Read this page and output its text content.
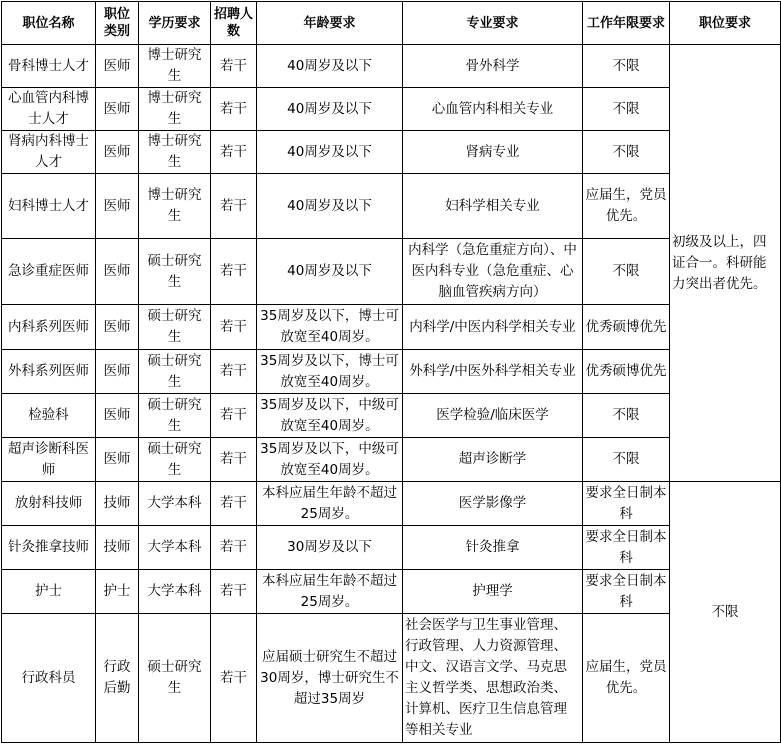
职位名称	职位类别	学历要求	招聘人数	年龄要求	专业要求	工作年限要求	职位要求
骨科博士人才	医师	博士研究生	若干	40周岁及以下	骨外科学	不限	初级及以上，四证合一。科研能力突出者优先。
心血管内科博士人才	医师	博士研究生	若干	40周岁及以下	心血管内科相关专业	不限	
肾病内科博士人才	医师	博士研究生	若干	40周岁及以下	肾病专业	不限	
妇科博士人才	医师	博士研究生	若干	40周岁及以下	妇科学相关专业	应届生，党员优先。	
急诊重症医师	医师	硕士研究生	若干	40周岁及以下	内科学（急危重症方向）、中医内科专业（急危重症、心脑血管疾病方向）	不限	
内科系列医师	医师	硕士研究生	若干	35周岁及以下，博士可放宽至40周岁。	内科学/中医内科学相关专业	优秀硕博优先	
外科系列医师	医师	硕士研究生	若干	35周岁及以下，博士可放宽至40周岁。	外科学/中医外科学相关专业	优秀硕博优先	
检验科	医师	硕士研究生	若干	35周岁及以下，中级可放宽至40周岁。	医学检验/临床医学	不限	
超声诊断科医师	医师	硕士研究生	若干	35周岁及以下，中级可放宽至40周岁。	超声诊断学	不限	
放射科技师	技师	大学本科	若干	本科应届生年龄不超过25周岁。	医学影像学	要求全日制本科	不限
针灸推拿技师	技师	大学本科	若干	30周岁及以下	针灸推拿	要求全日制本科	
护士	护士	大学本科	若干	本科应届生年龄不超过25周岁。	护理学	要求全日制本科	
行政科员	行政后勤	硕士研究生	若干	应届硕士研究生不超过30周岁，博士研究生不超过35周岁	社会医学与卫生事业管理、行政管理、人力资源管理、中文、汉语言文学、马克思主义哲学类、思想政治类、计算机、医疗卫生信息管理等相关专业	应届生，党员优先。	
